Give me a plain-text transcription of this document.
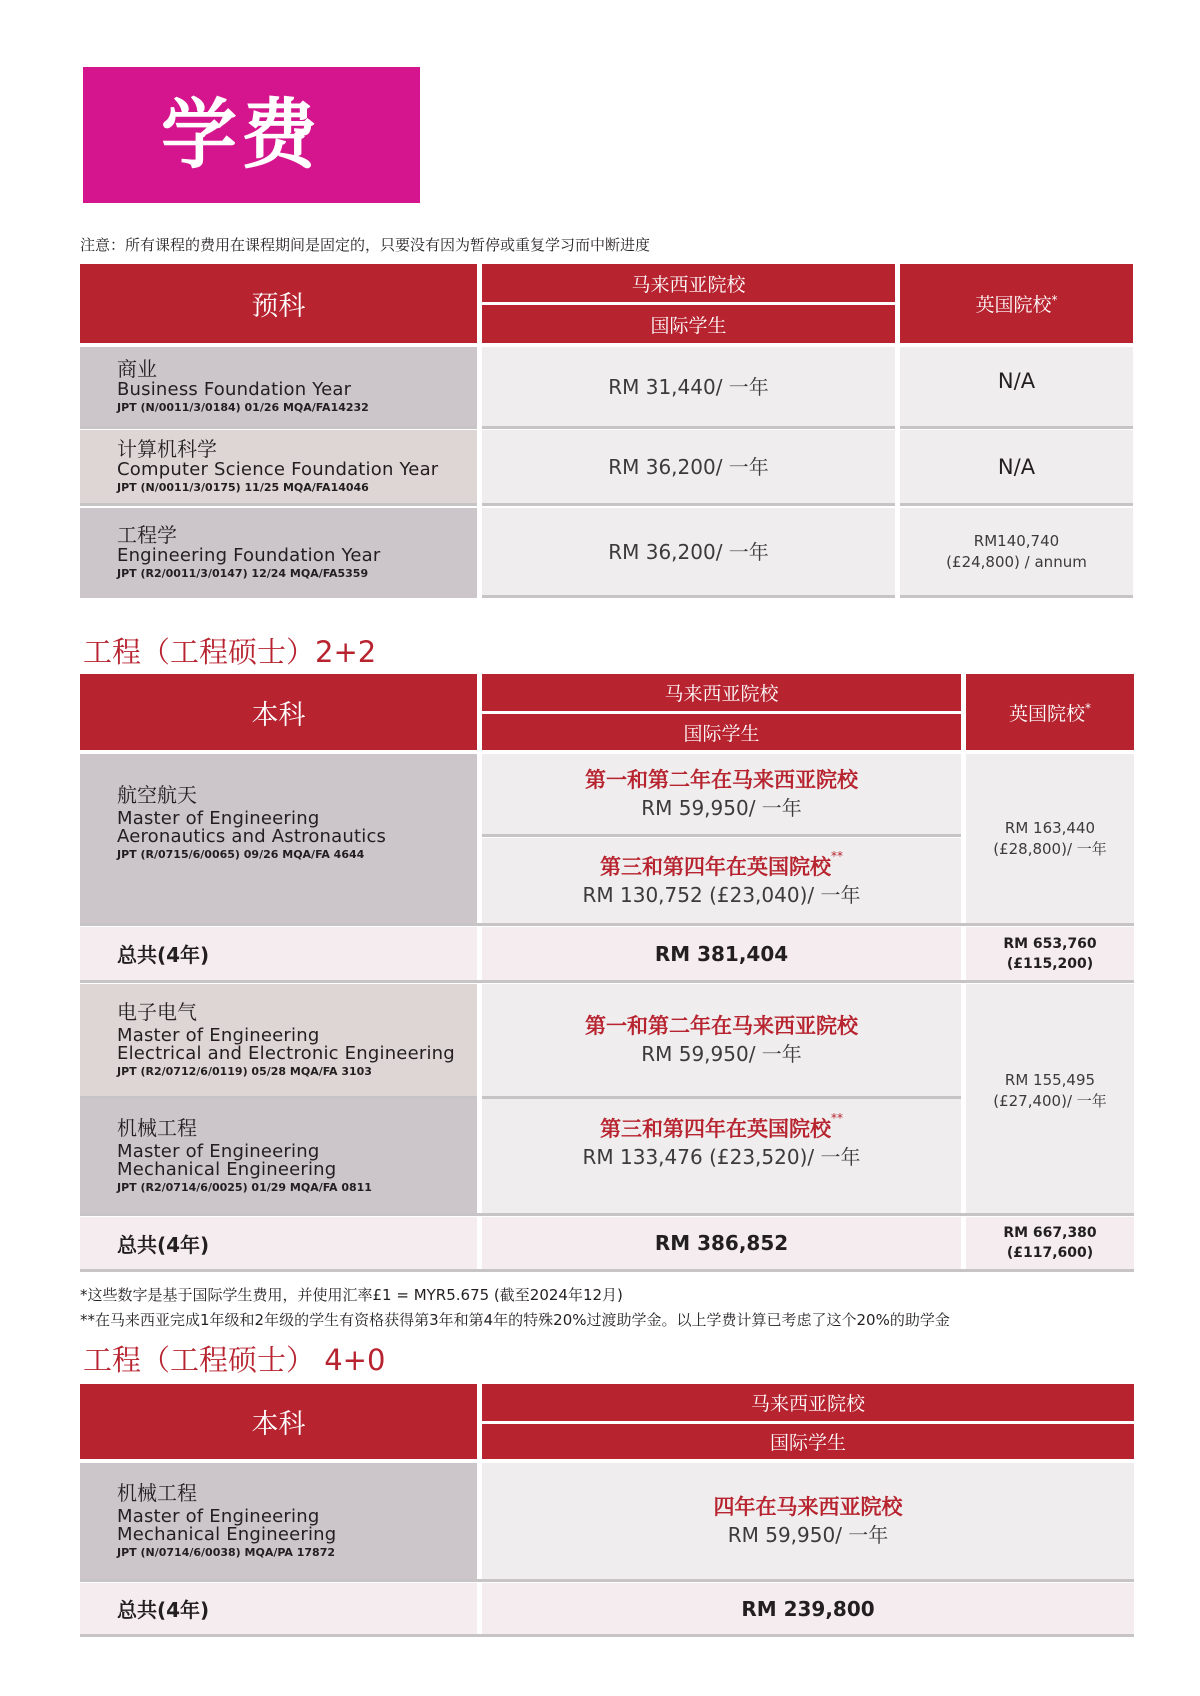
学费
注意：所有课程的费用在课程期间是固定的，只要没有因为暂停或重复学习而中断进度
预科
马来西亚院校
国际学生
英国院校 *
商业
Business Foundation Year
JPT (N/0011/3/0184) 01/26 MQA/FA14232
RM 31,440/ 一年	N/A
计算机科学
Computer Science Foundation Year
JPT (N/0011/3/0175) 11/25 MQA/FA14046
RM 36,200/ 一年	N/A
工程学
Engineering Foundation Year
JPT (R2/0011/3/0147) 12/24 MQA/FA5359
RM 36,200/ 一年	RM140,740
(£24,800) / annum
工程（工程硕士）2+2
本科
马来西亚院校
国际学生
英国院校 *
航空航天
Master of Engineering
Aeronautics and Astronautics
JPT (R/0715/6/0065) 09/26 MQA/FA 4644
第一和第二年在马来西亚院校
RM 59,950/ 一年
第三和第四年在英国院校**
RM 130,752 (£23,040)/ 一年
RM 163,440
(£28,800)/ 一年
总共(4年)	RM 381,404	RM 653,760
(£115,200)
电子电气
Master of Engineering
Electrical and Electronic Engineering
JPT (R2/0712/6/0119) 05/28 MQA/FA 3103
机械工程
Master of Engineering
Mechanical Engineering
JPT (R2/0714/6/0025) 01/29 MQA/FA 0811
第一和第二年在马来西亚院校
RM 59,950/ 一年
第三和第四年在英国院校**
RM 133,476 (£23,520)/ 一年
RM 155,495
(£27,400)/ 一年
总共(4年)	RM 386,852	RM 667,380
(£117,600)
*这些数字是基于国际学生费用，并使用汇率£1 = MYR5.675 (截至2024年12月)
**在马来西亚完成1年级和2年级的学生有资格获得第3年和第4年的特殊20%过渡助学金。以上学费计算已考虑了这个20%的助学金
工程（工程硕士） 4+0
本科
马来西亚院校
国际学生
机械工程
Master of Engineering
Mechanical Engineering
JPT (N/0714/6/0038) MQA/PA 17872
四年在马来西亚院校
RM 59,950/ 一年
总共(4年)	RM 239,800
